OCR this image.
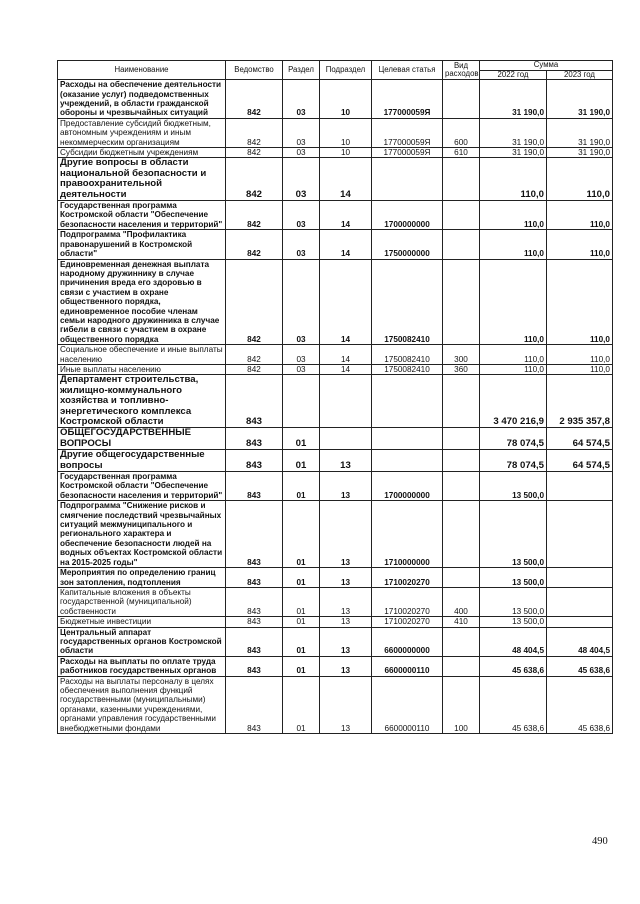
Наименование	Ведомство	Раздел	Подраздел	Целевая статья	Вид расходов	Сумма	
						2022 год	2023 год
Расходы на обеспечение деятельности (оказание услуг) подведомственных учреждений, в области гражданской обороны и чрезвычайных ситуаций	842	03	10	177000059Я		31 190,0	31 190,0
Предоставление субсидий бюджетным, автономным учреждениям и иным некоммерческим организациям	842	03	10	177000059Я	600	31 190,0	31 190,0
Субсидии бюджетным учреждениям	842	03	10	177000059Я	610	31 190,0	31 190,0
Другие вопросы в области национальной безопасности и правоохранительной деятельности	842	03	14			110,0	110,0
Государственная программа Костромской области "Обеспечение безопасности населения и территорий"	842	03	14	1700000000		110,0	110,0
Подпрограмма "Профилактика правонарушений в Костромской области"	842	03	14	1750000000		110,0	110,0
Единовременная денежная выплата народному дружиннику в случае причинения вреда его здоровью в связи с участием в охране общественного порядка, единовременное пособие членам семьи народного дружинника в случае гибели в связи с участием в охране общественного порядка	842	03	14	1750082410		110,0	110,0
Социальное обеспечение и иные выплаты населению	842	03	14	1750082410	300	110,0	110,0
Иные выплаты населению	842	03	14	1750082410	360	110,0	110,0
Департамент строительства, жилищно-коммунального хозяйства и топливно-энергетического комплекса Костромской области	843					3 470 216,9	2 935 357,8
ОБЩЕГОСУДАРСТВЕННЫЕ ВОПРОСЫ	843	01				78 074,5	64 574,5
Другие общегосударственные вопросы	843	01	13			78 074,5	64 574,5
Государственная программа Костромской области "Обеспечение безопасности населения и территорий"	843	01	13	1700000000		13 500,0	
Подпрограмма "Снижение рисков и смягчение последствий чрезвычайных ситуаций межмуниципального и регионального характера и обеспечение безопасности людей на водных объектах Костромской области на 2015-2025 годы"	843	01	13	1710000000		13 500,0	
Мероприятия по определению границ зон затопления, подтопления	843	01	13	1710020270		13 500,0	
Капитальные вложения в объекты государственной (муниципальной) собственности	843	01	13	1710020270	400	13 500,0	
Бюджетные инвестиции	843	01	13	1710020270	410	13 500,0	
Центральный аппарат государственных органов Костромской области	843	01	13	6600000000		48 404,5	48 404,5
Расходы на выплаты по оплате труда работников государственных органов	843	01	13	6600000110		45 638,6	45 638,6
Расходы на выплаты персоналу в целях обеспечения выполнения функций государственными (муниципальными) органами, казенными учреждениями, органами управления государственными внебюджетными фондами	843	01	13	6600000110	100	45 638,6	45 638,6
490
